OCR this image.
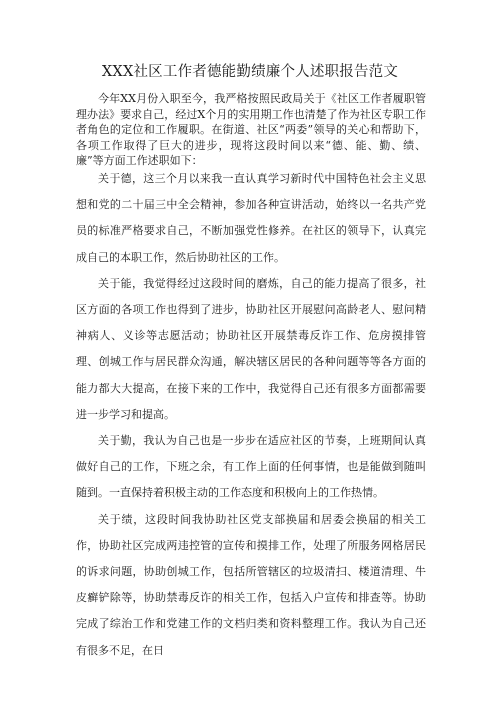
XXX社区工作者德能勤绩廉个人述职报告范文

今年XX月份入职至今，我严格按照民政局关于《社区工作者履职管理办法》要求自己，经过X个月的实用期工作也清楚了作为社区专职工作者角色的定位和工作履职。在街道、社区“两委”领导的关心和帮助下，各项工作取得了巨大的进步，现将这段时间以来“德、能、勤、绩、廉”等方面工作述职如下：

关于德，这三个月以来我一直认真学习新时代中国特色社会主义思想和党的二十届三中全会精神，参加各种宣讲活动，始终以一名共产党员的标准严格要求自己，不断加强党性修养。在社区的领导下，认真完成自己的本职工作，然后协助社区的工作。

关于能，我觉得经过这段时间的磨炼，自己的能力提高了很多，社区方面的各项工作也得到了进步，协助社区开展慰问高龄老人、慰问精神病人、义诊等志愿活动；协助社区开展禁毒反诈工作、危房摸排管理、创城工作与居民群众沟通，解决辖区居民的各种问题等等各方面的能力都大大提高，在接下来的工作中，我觉得自己还有很多方面都需要进一步学习和提高。

关于勤，我认为自己也是一步步在适应社区的节奏，上班期间认真做好自己的工作，下班之余，有工作上面的任何事情，也是能做到随叫随到。一直保持着积极主动的工作态度和积极向上的工作热情。

关于绩，这段时间我协助社区党支部换届和居委会换届的相关工作，协助社区完成两违控管的宣传和摸排工作，处理了所服务网格居民的诉求问题，协助创城工作，包括所管辖区的垃圾清扫、楼道清理、牛皮癣铲除等，协助禁毒反诈的相关工作，包括入户宣传和排查等。协助完成了综治工作和党建工作的文档归类和资料整理工作。我认为自己还有很多不足，在日
